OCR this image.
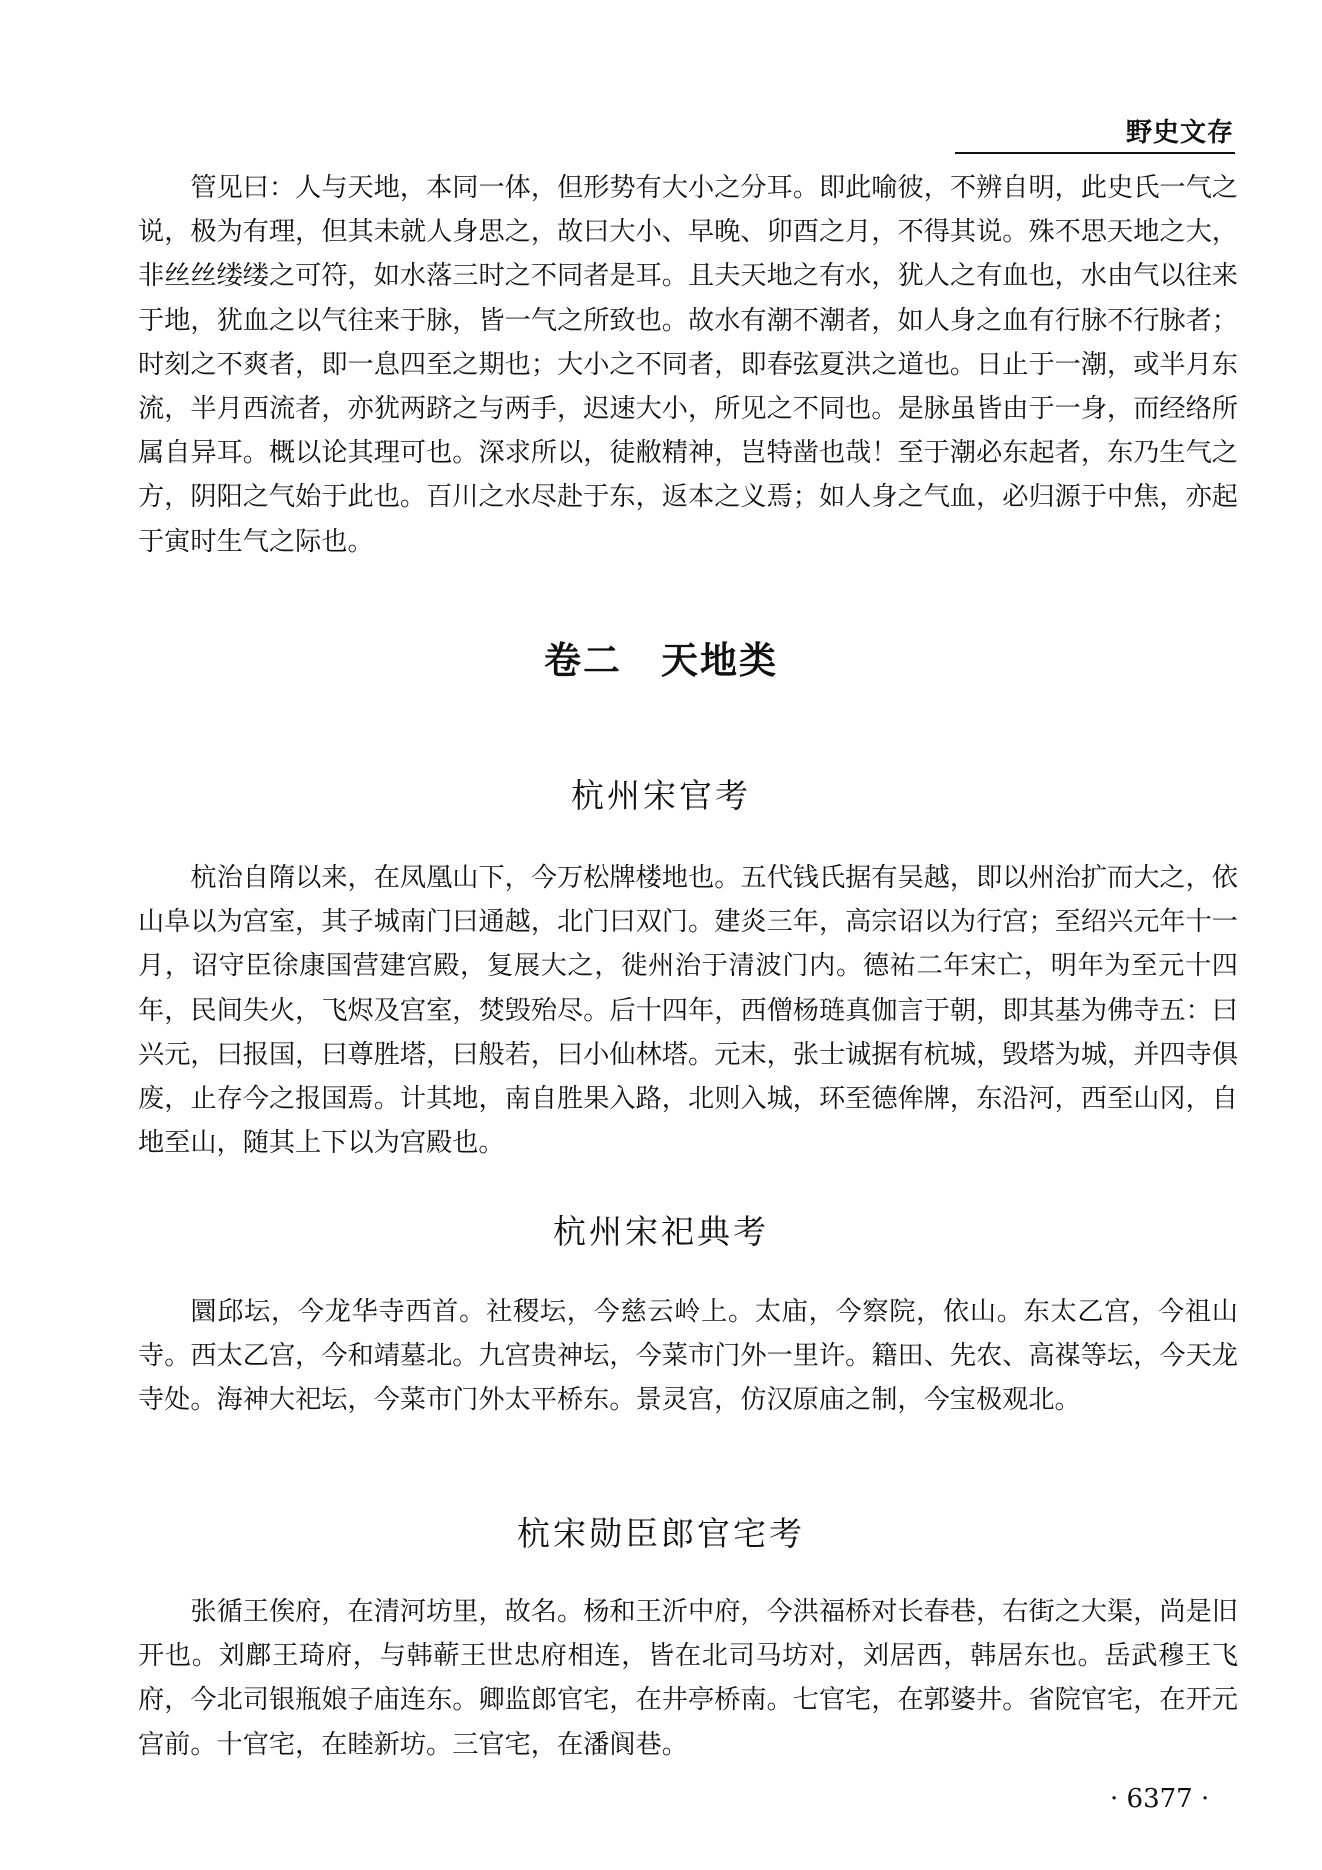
野史文存

管见曰：人与天地，本同一体，但形势有大小之分耳。即此喻彼，不辨自明，此史氏一气之说，极为有理，但其未就人身思之，故曰大小、早晚、卯酉之月，不得其说。殊不思天地之大，非丝丝缕缕之可符，如水落三时之不同者是耳。且夫天地之有水，犹人之有血也，水由气以往来于地，犹血之以气往来于脉，皆一气之所致也。故水有潮不潮者，如人身之血有行脉不行脉者；时刻之不爽者，即一息四至之期也；大小之不同者，即春弦夏洪之道也。日止于一潮，或半月东流，半月西流者，亦犹两跻之与两手，迟速大小，所见之不同也。是脉虽皆由于一身，而经络所属自异耳。概以论其理可也。深求所以，徒敝精神，岂特凿也哉！至于潮必东起者，东乃生气之方，阴阳之气始于此也。百川之水尽赴于东，返本之义焉；如人身之气血，必归源于中焦，亦起于寅时生气之际也。

卷二　天地类
杭州宋官考

杭治自隋以来，在凤凰山下，今万松牌楼地也。五代钱氏据有吴越，即以州治扩而大之，依山阜以为宫室，其子城南门曰通越，北门曰双门。建炎三年，高宗诏以为行宫；至绍兴元年十一月，诏守臣徐康国营建宫殿，复展大之，徙州治于清波门内。德祐二年宋亡，明年为至元十四年，民间失火，飞烬及宫室，焚毁殆尽。后十四年，西僧杨琏真伽言于朝，即其基为佛寺五：曰兴元，曰报国，曰尊胜塔，曰般若，曰小仙林塔。元末，张士诚据有杭城，毁塔为城，并四寺俱废，止存今之报国焉。计其地，南自胜果入路，北则入城，环至德侔牌，东沿河，西至山冈，自地至山，随其上下以为宫殿也。

杭州宋祀典考

圜邱坛，今龙华寺西首。社稷坛，今慈云岭上。太庙，今察院，依山。东太乙宫，今祖山寺。西太乙宫，今和靖墓北。九宫贵神坛，今菜市门外一里许。籍田、先农、高禖等坛，今天龙寺处。海神大祀坛，今菜市门外太平桥东。景灵宫，仿汉原庙之制，今宝极观北。

杭宋勋臣郎官宅考

张循王俟府，在清河坊里，故名。杨和王沂中府，今洪福桥对长春巷，右街之大渠，尚是旧开也。刘鄜王琦府，与韩蕲王世忠府相连，皆在北司马坊对，刘居西，韩居东也。岳武穆王飞府，今北司银瓶娘子庙连东。卿监郎官宅，在井亭桥南。七官宅，在郭婆井。省院官宅，在开元宫前。十官宅，在睦新坊。三官宅，在潘阆巷。

· 6377 ·
